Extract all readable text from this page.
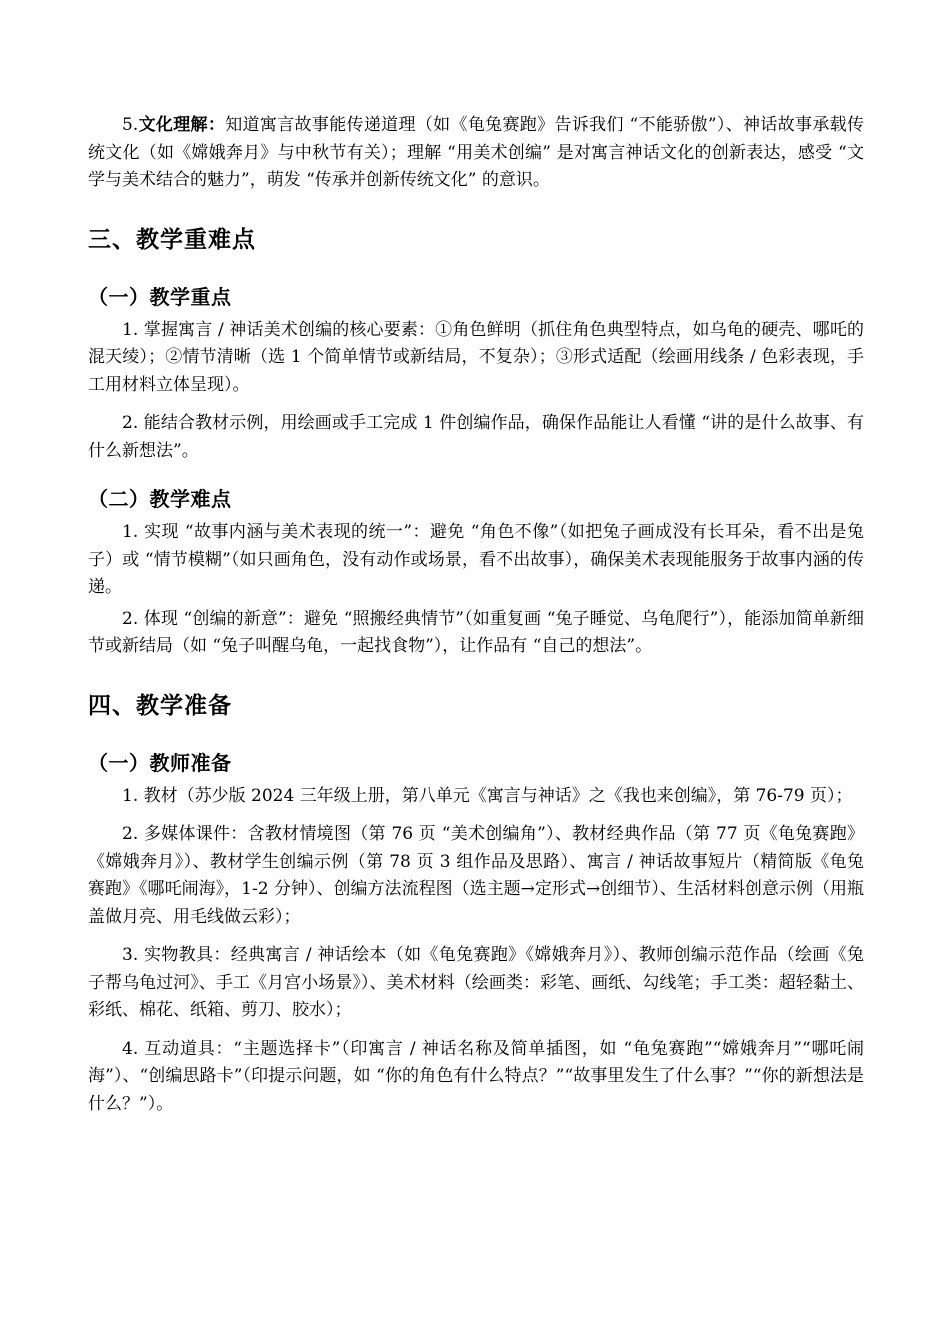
5.文化理解：知道寓言故事能传递道理（如《龟兔赛跑》告诉我们 “不能骄傲”）、神话故事承载传统文化（如《嫦娥奔月》与中秋节有关）；理解 “用美术创编” 是对寓言神话文化的创新表达，感受 “文学与美术结合的魅力”，萌发 “传承并创新传统文化” 的意识。

三、教学重难点
（一）教学重点

1. 掌握寓言 / 神话美术创编的核心要素：①角色鲜明（抓住角色典型特点，如乌龟的硬壳、哪吒的混天绫）；②情节清晰（选 1 个简单情节或新结局，不复杂）；③形式适配（绘画用线条 / 色彩表现，手工用材料立体呈现）。

2. 能结合教材示例，用绘画或手工完成 1 件创编作品，确保作品能让人看懂 “讲的是什么故事、有什么新想法”。

（二）教学难点

1. 实现 “故事内涵与美术表现的统一”：避免 “角色不像”（如把兔子画成没有长耳朵，看不出是兔子）或 “情节模糊”（如只画角色，没有动作或场景，看不出故事），确保美术表现能服务于故事内涵的传递。

2. 体现 “创编的新意”：避免 “照搬经典情节”（如重复画 “兔子睡觉、乌龟爬行”），能添加简单新细节或新结局（如 “兔子叫醒乌龟，一起找食物”），让作品有 “自己的想法”。

四、教学准备
（一）教师准备

1. 教材（苏少版 2024 三年级上册，第八单元《寓言与神话》之《我也来创编》，第 76-79 页）；

2. 多媒体课件：含教材情境图（第 76 页 “美术创编角”）、教材经典作品（第 77 页《龟兔赛跑》《嫦娥奔月》）、教材学生创编示例（第 78 页 3 组作品及思路）、寓言 / 神话故事短片（精简版《龟兔赛跑》《哪吒闹海》，1-2 分钟）、创编方法流程图（选主题→定形式→创细节）、生活材料创意示例（用瓶盖做月亮、用毛线做云彩）；

3. 实物教具：经典寓言 / 神话绘本（如《龟兔赛跑》《嫦娥奔月》）、教师创编示范作品（绘画《兔子帮乌龟过河》、手工《月宫小场景》）、美术材料（绘画类：彩笔、画纸、勾线笔；手工类：超轻黏土、彩纸、棉花、纸箱、剪刀、胶水）；

4. 互动道具：“主题选择卡”（印寓言 / 神话名称及简单插图，如 “龟兔赛跑”“嫦娥奔月”“哪吒闹海”）、“创编思路卡”（印提示问题，如 “你的角色有什么特点？”“故事里发生了什么事？”“你的新想法是什么？”）。
